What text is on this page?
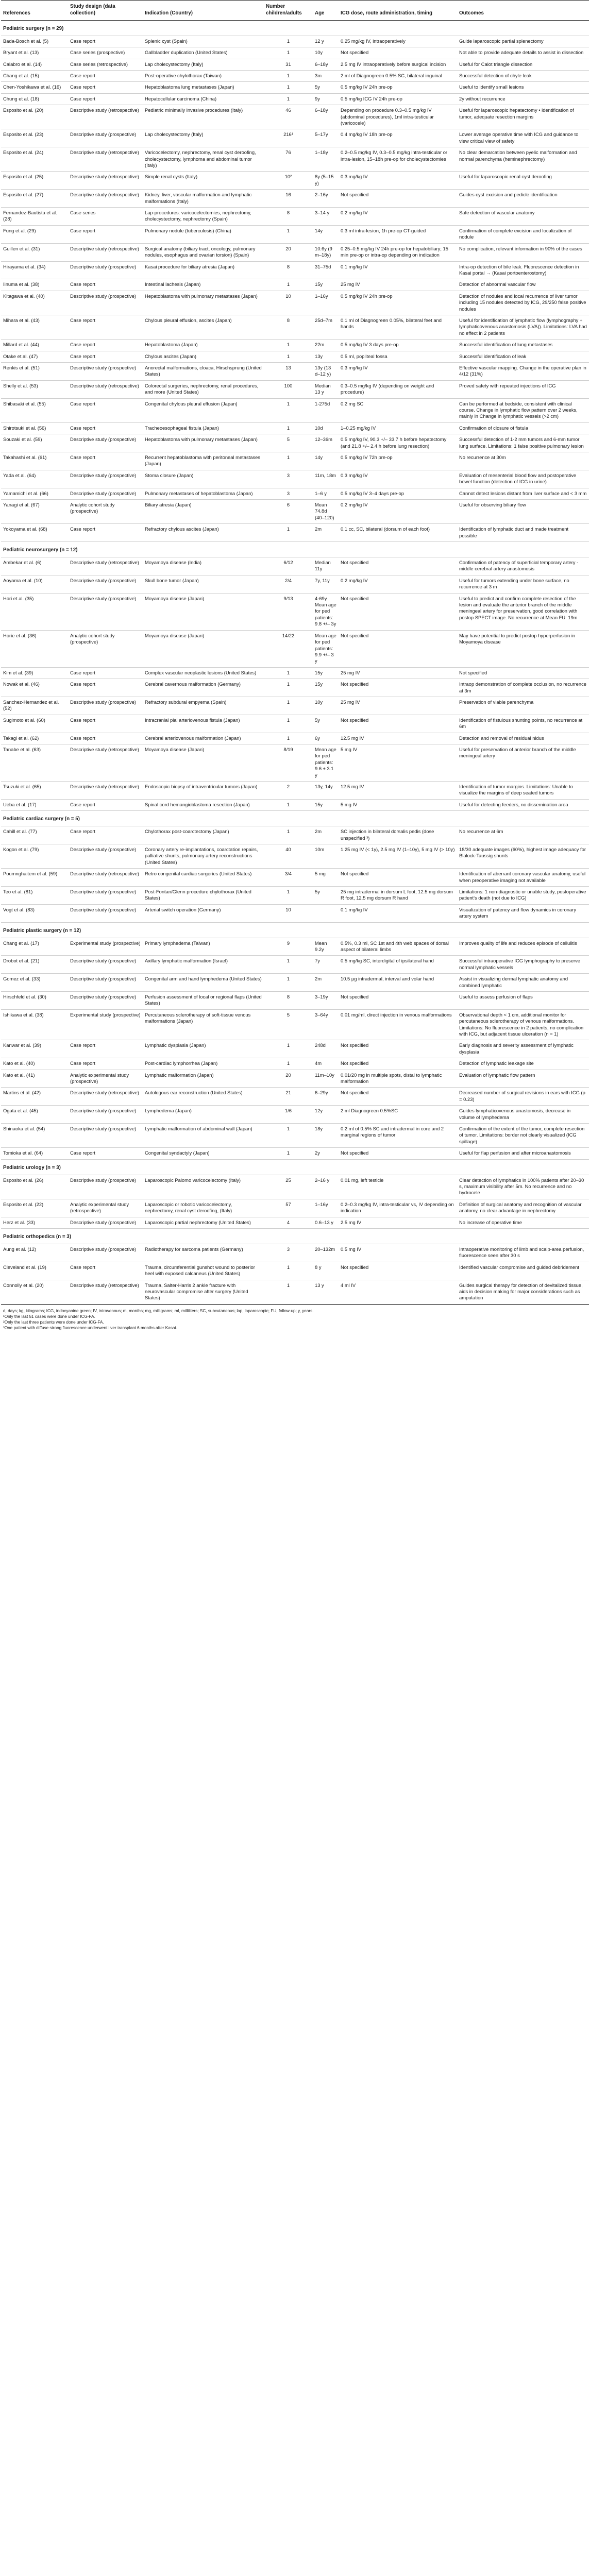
References	Study design (data collection)	Indication (Country)	Number children/adults	Age	ICG dose, route administration, timing	Outcomes
Pediatric surgery (n = 29)						
Bada-Bosch et al. (5)	Case report	Splenic cyst (Spain)	1	12 y	0.25 mg/kg IV, intraoperatively	Guide laparoscopic partial splenectomy
Bryant et al. (13)	Case series (prospective)	Gallbladder duplication (United States)	1	10y	Not specified	Not able to provide adequate details to assist in dissection
Calabro et al. (14)	Case series (retrospective)	Lap cholecystectomy (Italy)	31	6–18y	2.5 mg IV intraoperatively before surgical incision	Useful for Calot triangle dissection
Chang et al. (15)	Case report	Post-operative chylothorax (Taiwan)	1	3m	2 ml of Diagnogreen 0.5% SC, bilateral inguinal	Successful detection of chyle leak
Chen-Yoshikawa et al. (16)	Case report	Hepatoblastoma lung metastases (Japan)	1	5y	0.5 mg/kg IV 24h pre-op	Useful to identify small lesions
Chung et al. (18)	Case report	Hepatocellular carcinoma (China)	1	9y	0.5 mg/kg ICG IV 24h pre-op	2y without recurrence
Esposito et al. (20)	Descriptive study (retrospective)	Pediatric minimally invasive procedures (Italy)	46	6–18y	Depending on procedure 0.3–0.5 mg/kg IV (abdominal procedures), 1ml intra-testicular (varicocele)	Useful for laparoscopic hepatectomy • identification of tumor, adequate resection margins
Esposito et al. (23)	Descriptive study (prospective)	Lap cholecystectomy (Italy)	216¹	5–17y	0.4 mg/kg IV 18h pre-op	Lower average operative time with ICG and guidance to view critical view of safety
Esposito et al. (24)	Descriptive study (retrospective)	Varicocelectomy, nephrectomy, renal cyst deroofing, cholecystectomy, lymphoma and abdominal tumor (Italy)	76	1–18y	0.2–0.5 mg/kg IV, 0.3–0.5 mg/kg intra-testicular or intra-lesion, 15–18h pre-op for cholecystectomies	No clear demarcation between pyelic malformation and normal parenchyma (heminephrectomy)
Esposito et al. (25)	Descriptive study (retrospective)	Simple renal cysts (Italy)	10²	8y (5–15 y)	0.3 mg/kg IV	Useful for laparoscopic renal cyst deroofing
Esposito et al. (27)	Descriptive study (retrospective)	Kidney, liver, vascular malformation and lymphatic malformations (Italy)	16	2–16y	Not specified	Guides cyst excision and pedicle identification
Fernandez-Bautista et al. (28)	Case series	Lap-procedures: varicocelectomies, nephrectomy, cholecystectomy, nephrectomy (Spain)	8	3–14 y	0.2 mg/kg IV	Safe detection of vascular anatomy
Fung et al. (29)	Case report	Pulmonary nodule (tuberculosis) (China)	1	14y	0.3 ml intra-lesion, 1h pre-op CT-guided	Confirmation of complete excision and localization of nodule
Guillen et al. (31)	Descriptive study (retrospective)	Surgical anatomy (biliary tract, oncology, pulmonary nodules, esophagus and ovarian torsion) (Spain)	20	10.6y (9 m–18y)	0.25–0.5 mg/kg IV 24h pre-op for hepatobiliary; 15 min pre-op or intra-op depending on indication	No complication, relevant information in 90% of the cases
Hirayama et al. (34)	Descriptive study (prospective)	Kasai procedure for biliary atresia (Japan)	8	31–75d	0.1 mg/kg IV	Intra-op detection of bile leak. Fluorescence detection in Kasai portal → (Kasai portoenterostomy)
Iinuma et al. (38)	Case report	Intestinal lachesis (Japan)	1	15y	25 mg IV	Detection of abnormal vascular flow
Kitagawa et al. (40)	Descriptive study (prospective)	Hepatoblastoma with pulmonary metastases (Japan)	10	1–16y	0.5 mg/kg IV 24h pre-op	Detection of nodules and local recurrence of liver tumor including 15 nodules detected by ICG, 29/250 false positive nodules
Mihara et al. (43)	Case report	Chylous pleural effusion, ascites (Japan)	8	25d–7m	0.1 ml of Diagnogreen 0.05%, bilateral feet and hands	Useful for identification of lymphatic flow (lymphography + lymphaticovenous anastomosis (LVA)). Limitations: LVA had no effect in 2 patients
Millard et al. (44)	Case report	Hepatoblastoma (Japan)	1	22m	0.5 mg/kg IV 3 days pre-op	Successful identification of lung metastases
Otake et al. (47)	Case report	Chylous ascites (Japan)	1	13y	0.5 ml, popliteal fossa	Successful identification of leak
Renkis et al. (51)	Descriptive study (prospective)	Anorectal malformations, cloaca, Hirschsprung (United States)	13	13y (13 d–12 y)	0.3 mg/kg IV	Effective vascular mapping. Change in the operative plan in 4/12 (31%)
Shelly et al. (53)	Descriptive study (retrospective)	Colorectal surgeries, nephrectomy, renal procedures, and more (United States)	100	Median 13 y	0.3–0.5 mg/kg IV (depending on weight and procedure)	Proved safety with repeated injections of ICG
Shibasaki et al. (55)	Case report	Congenital chylous pleural effusion (Japan)	1	1-275d	0.2 mg SC	Can be performed at bedside, consistent with clinical course. Change in lymphatic flow pattern over 2 weeks, mainly in Change in lymphatic vessels (>2 cm)
Shirotsuki et al. (56)	Case report	Tracheoesophageal fistula (Japan)	1	10d	1–0.25 mg/kg IV	Confirmation of closure of fistula
Souzaki et al. (59)	Descriptive study (prospective)	Hepatoblastoma with pulmonary metastases (Japan)	5	12–36m	0.5 mg/kg IV, 90.3 +/– 33.7 h before hepatectomy (and 21.8 +/– 2.4 h before lung resection)	Successful detection of 1-2 mm tumors and 6-mm tumor lung surface. Limitations: 1 false positive pulmonary lesion
Takahashi et al. (61)	Case report	Recurrent hepatoblastoma with peritoneal metastases (Japan)	1	14y	0.5 mg/kg IV 72h pre-op	No recurrence at 30m
Yada et al. (64)	Descriptive study (prospective)	Stoma closure (Japan)	3	11m, 18m	0.3 mg/kg IV	Evaluation of mesenterial blood flow and postoperative bowel function (detection of ICG in urine)
Yamamichi et al. (66)	Descriptive study (prospective)	Pulmonary metastases of hepatoblastoma (Japan)	3	1–6 y	0.5 mg/kg IV 3–4 days pre-op	Cannot detect lesions distant from liver surface and < 3 mm
Yanagi et al. (67)	Analytic cohort study (prospective)	Biliary atresia (Japan)	6	Mean 74.8d (40–120)	0.2 mg/kg IV	Useful for observing biliary flow
Yokoyama et al. (68)	Case report	Refractory chylous ascites (Japan)	1	2m	0.1 cc, SC, bilateral (dorsum of each foot)	Identification of lymphatic duct and made treatment possible
Pediatric neurosurgery (n = 12)						
Ambekar et al. (6)	Descriptive study (retrospective)	Moyamoya disease (India)	6/12	Median 11y	Not specified	Confirmation of patency of superficial temporary artery - middle cerebral artery anastomosis
Aoyama et al. (10)	Descriptive study (prospective)	Skull bone tumor (Japan)	2/4	7y, 11y	0.2 mg/kg IV	Useful for tumors extending under bone surface, no recurrence at 3 m
Hori et al. (35)	Descriptive study (prospective)	Moyamoya disease (Japan)	9/13	4-69y Mean age for ped patients: 9.8 +/– 3y	Not specified	Useful to predict and confirm complete resection of the lesion and evaluate the anterior branch of the middle meningeal artery for preservation, good correlation with postop SPECT image. No recurrence at Mean FU: 19m
Horie et al. (36)	Analytic cohort study (prospective)	Moyamoya disease (Japan)	14/22	Mean age for ped patients: 9.9 +/– 3 y	Not specified	May have potential to predict postop hyperperfusion in Moyamoya disease
Kim et al. (39)	Case report	Complex vascular neoplastic lesions (United States)	1	15y	25 mg IV	Not specified
Nowak et al. (46)	Case report	Cerebral cavernous malformation (Germany)	1	15y	Not specified	Intraop demonstration of complete occlusion, no recurrence at 3m
Sanchez-Hernandez et al. (52)	Descriptive study (prospective)	Refractory subdural empyema (Spain)	1	10y	25 mg IV	Preservation of viable parenchyma
Sugimoto et al. (60)	Case report	Intracranial pial arteriovenous fistula (Japan)	1	5y	Not specified	Identification of fistulous shunting points, no recurrence at 6m
Takagi et al. (62)	Case report	Cerebral arteriovenous malformation (Japan)	1	6y	12.5 mg IV	Detection and removal of residual nidus
Tanabe et al. (63)	Descriptive study (retrospective)	Moyamoya disease (Japan)	8/19	Mean age for ped patients: 9.6 ± 3.1 y	5 mg IV	Useful for preservation of anterior branch of the middle meningeal artery
Tsuzuki et al. (65)	Descriptive study (retrospective)	Endoscopic biopsy of intraventricular tumors (Japan)	2	13y, 14y	12.5 mg IV	Identification of tumor margins. Limitations: Unable to visualize the margins of deep seated tumors
Ueba et al. (17)	Case report	Spinal cord hemangioblastoma resection (Japan)	1	15y	5 mg IV	Useful for detecting feeders, no dissemination area
Pediatric cardiac surgery (n = 5)						
Cahill et al. (77)	Case report	Chylothorax post-coarctectomy (Japan)	1	2m	SC injection in bilateral dorsalis pedis (dose unspecified ³)	No recurrence at 6m
Kogon et al. (79)	Descriptive study (prospective)	Coronary artery re-implantations, coarctation repairs, palliative shunts, pulmonary artery reconstructions (United States)	40	10m	1.25 mg IV (< 1y), 2.5 mg IV (1–10y), 5 mg IV (> 10y)	18/30 adequate images (60%), highest image adequacy for Blalock-Taussig shunts
Poumnghaitem et al. (59)	Descriptive study (retrospective)	Retro congenital cardiac surgeries (United States)	3/4	5 mg	Not specified	Identification of aberrant coronary vascular anatomy, useful when preoperative imaging not available
Teo et al. (81)	Descriptive study (prospective)	Post-Fontan/Glenn procedure chylothorax (United States)	1	5y	25 mg intradermal in dorsum L foot, 12.5 mg dorsum R foot, 12.5 mg dorsum R hand	Limitations: 1 non-diagnostic or unable study, postoperative patient's death (not due to ICG)
Vogt et al. (83)	Descriptive study (prospective)	Arterial switch operation (Germany)	10		0.1 mg/kg IV	Visualization of patency and flow dynamics in coronary artery system
Pediatric plastic surgery (n = 12)						
Chang et al. (17)	Experimental study (prospective)	Primary lymphedema (Taiwan)	9	Mean 9.2y	0.5%, 0.3 ml, SC 1st and 4th web spaces of dorsal aspect of bilateral limbs	Improves quality of life and reduces episode of cellulitis
Drobot et al. (21)	Descriptive study (prospective)	Axillary lymphatic malformation (Israel)	1	7y	0.5 mg/kg SC, interdigital of ipsilateral hand	Successful intraoperative ICG lymphography to preserve normal lymphatic vessels
Gomez et al. (33)	Descriptive study (prospective)	Congenital arm and hand lymphedema (United States)	1	2m	10.5 µg intradermal, interval and volar hand	Assist in visualizing dermal lymphatic anatomy and combined lymphatic
Hirschfeld et al. (30)	Descriptive study (prospective)	Perfusion assessment of local or regional flaps (United States)	8	3–19y	Not specified	Useful to assess perfusion of flaps
Ishikawa et al. (38)	Experimental study (prospective)	Percutaneous sclerotherapy of soft-tissue venous malformations (Japan)	5	3–64y	0.01 mg/ml, direct injection in venous malformations	Observational depth < 1 cm, additional monitor for percutaneous sclerotherapy of venous malformations. Limitations: No fluorescence in 2 patients, no complication with ICG, but adjacent tissue ulceration (n = 1)
Kanwar et al. (39)	Case report	Lymphatic dysplasia (Japan)	1	248d	Not specified	Early diagnosis and severity assessment of lymphatic dysplasia
Kato et al. (40)	Case report	Post-cardiac lymphorrhea (Japan)	1	4m	Not specified	Detection of lymphatic leakage site
Kato et al. (41)	Analytic experimental study (prospective)	Lymphatic malformation (Japan)	20	11m–10y	0.01/20 mg in multiple spots, distal to lymphatic malformation	Evaluation of lymphatic flow pattern
Martins et al. (42)	Descriptive study (retrospective)	Autologous ear reconstruction (United States)	21	6–29y	Not specified	Decreased number of surgical revisions in ears with ICG (p = 0.23)
Ogata et al. (45)	Descriptive study (prospective)	Lymphedema (Japan)	1/6	12y	2 ml Diagnogreen 0.5%SC	Guides lymphaticovenous anastomosis, decrease in volume of lymphedema
Shinaoka et al. (54)	Descriptive study (prospective)	Lymphatic malformation of abdominal wall (Japan)	1	18y	0.2 ml of 0.5% SC and intradermal in core and 2 marginal regions of tumor	Confirmation of the extent of the tumor, complete resection of tumor. Limitations: border not clearly visualized (ICG spillage)
Tomioka et al. (64)	Case report	Congenital syndactyly (Japan)	1	2y	Not specified	Useful for flap perfusion and after microanastomosis
Pediatric urology (n = 3)						
Esposito et al. (26)	Descriptive study (prospective)	Laparoscopic Palomo varicocelectomy (Italy)	25	2–16 y	0.01 mg, left testicle	Clear detection of lymphatics in 100% patients after 20–30 s, maximum visibility after 5m. No recurrence and no hydrocele
Esposito et al. (22)	Analytic experimental study (retrospective)	Laparoscopic or robotic varicocelectomy, nephrectomy, renal cyst deroofing, (Italy)	57	1–16y	0.2–0.3 mg/kg IV, intra-testicular vs, IV depending on indication	Definition of surgical anatomy and recognition of vascular anatomy, no clear advantage in nephrectomy
Herz et al. (33)	Descriptive study (prospective)	Laparoscopic partial nephrectomy (United States)	4	0.6–13 y	2.5 mg IV	No increase of operative time
Pediatric orthopedics (n = 3)						
Aung et al. (12)	Descriptive study (prospective)	Radiotherapy for sarcoma patients (Germany)	3	20–132m	0.5 mg IV	Intraoperative monitoring of limb and scalp-area perfusion, fluorescence seen after 30 s
Cleveland et al. (19)	Case report	Trauma, circumferential gunshot wound to posterior heel with exposed calcaneus (United States)	1	8 y	Not specified	Identified vascular compromise and guided debridement
Connolly et al. (20)	Descriptive study (retrospective)	Trauma, Salter-Harris 2 ankle fracture with neurovascular compromise after surgery (United States)	1	13 y	4 ml IV	Guides surgical therapy for detection of devitalized tissue, aids in decision making for major considerations such as amputation
d, days; kg, kilograms; ICG, indocyanine green; IV, intravenous; m, months; mg, milligrams; ml, milliliters; SC, subcutaneous; lap, laparoscopic; FU, follow-up; y, years.
¹Only the last 51 cases were done under ICG-FA.
²Only the last three patients were done under ICG-FA.
³One patient with diffuse strong fluorescence underwent liver transplant 6 months after Kasai.
